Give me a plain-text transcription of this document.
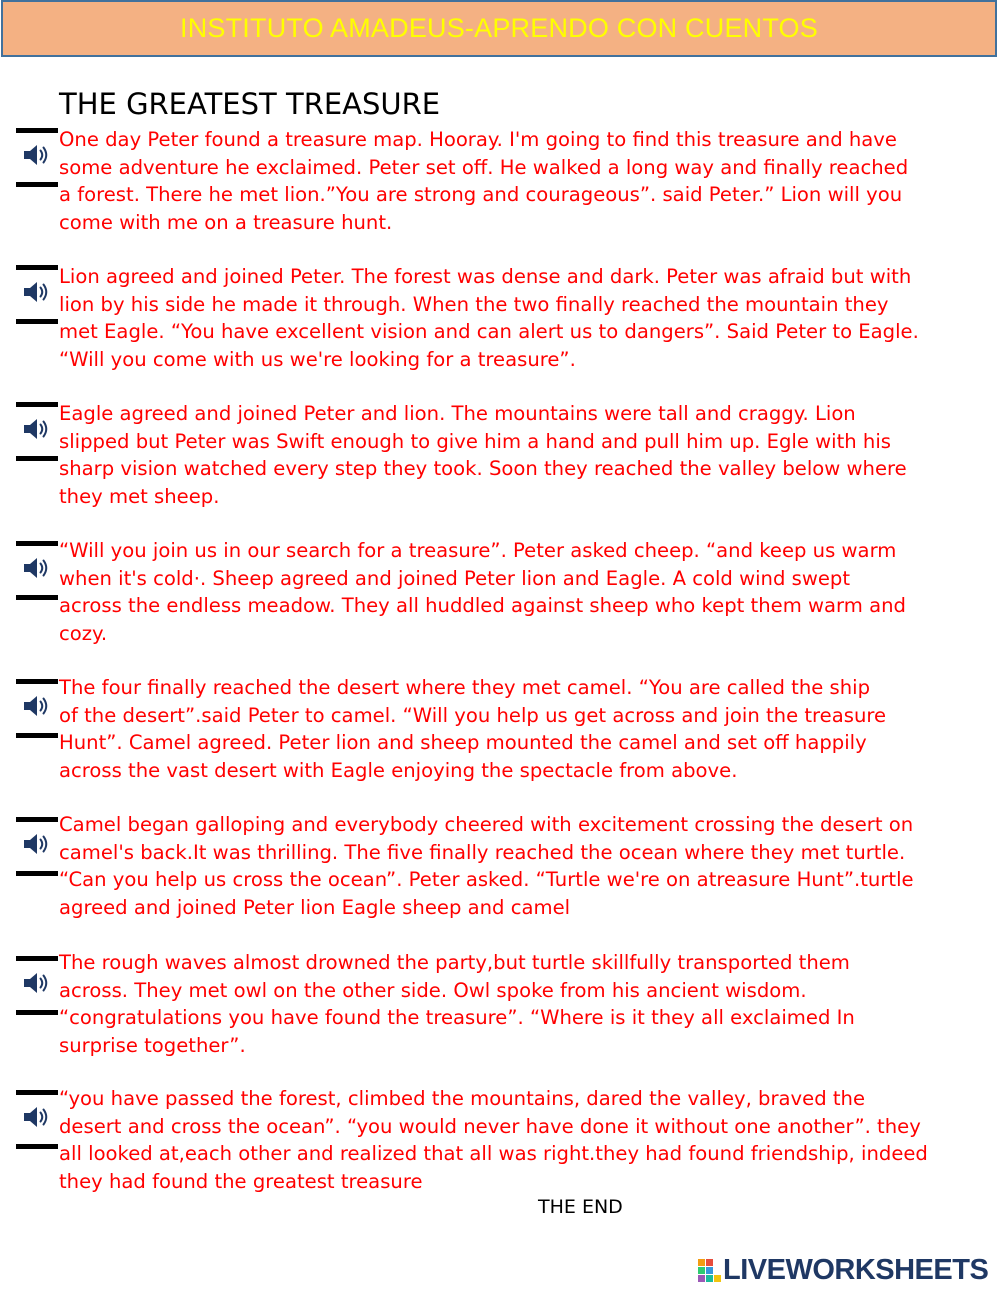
INSTITUTO AMADEUS-APRENDO CON CUENTOS
THE GREATEST TREASURE

One day Peter found a treasure map. Hooray. I'm going to find this treasure and have
some adventure he exclaimed. Peter set off. He walked a long way and finally reached
a forest. There he met lion.”You are strong and courageous”. said Peter.” Lion will you
come with me on a treasure hunt.

Lion agreed and joined Peter. The forest was dense and dark. Peter was afraid but with
lion by his side he made it through. When the two finally reached the mountain they
met Eagle. “You have excellent vision and can alert us to dangers”. Said Peter to Eagle.
“Will you come with us we're looking for a treasure”.

Eagle agreed and joined Peter and lion. The mountains were tall and craggy. Lion
slipped but Peter was Swift enough to give him a hand and pull him up. Egle with his
sharp vision watched every step they took. Soon they reached the valley below where
they met sheep.

“Will you join us in our search for a treasure”. Peter asked cheep. “and keep us warm
when it's cold·. Sheep agreed and joined Peter lion and Eagle. A cold wind swept
across the endless meadow. They all huddled against sheep who kept them warm and
cozy.

The four finally reached the desert where they met camel. “You are called the ship
of the desert”.said Peter to camel. “Will you help us get across and join the treasure
Hunt”. Camel agreed. Peter lion and sheep mounted the camel and set off happily
across the vast desert with Eagle enjoying the spectacle from above.

Camel began galloping and everybody cheered with excitement crossing the desert on
camel's back.It was thrilling. The five finally reached the ocean where they met turtle.
“Can you help us cross the ocean”. Peter asked. “Turtle we're on atreasure Hunt”.turtle
agreed and joined Peter lion Eagle sheep and camel

The rough waves almost drowned the party,but turtle skillfully transported them
across. They met owl on the other side. Owl spoke from his ancient wisdom.
“congratulations you have found the treasure”. “Where is it they all exclaimed In
surprise together”.

“you have passed the forest, climbed the mountains, dared the valley, braved the
desert and cross the ocean”. “you would never have done it without one another”. they
all looked at,each other and realized that all was right.they had found friendship, indeed
they had found the greatest treasure

THE END
LIVEWORKSHEETS
